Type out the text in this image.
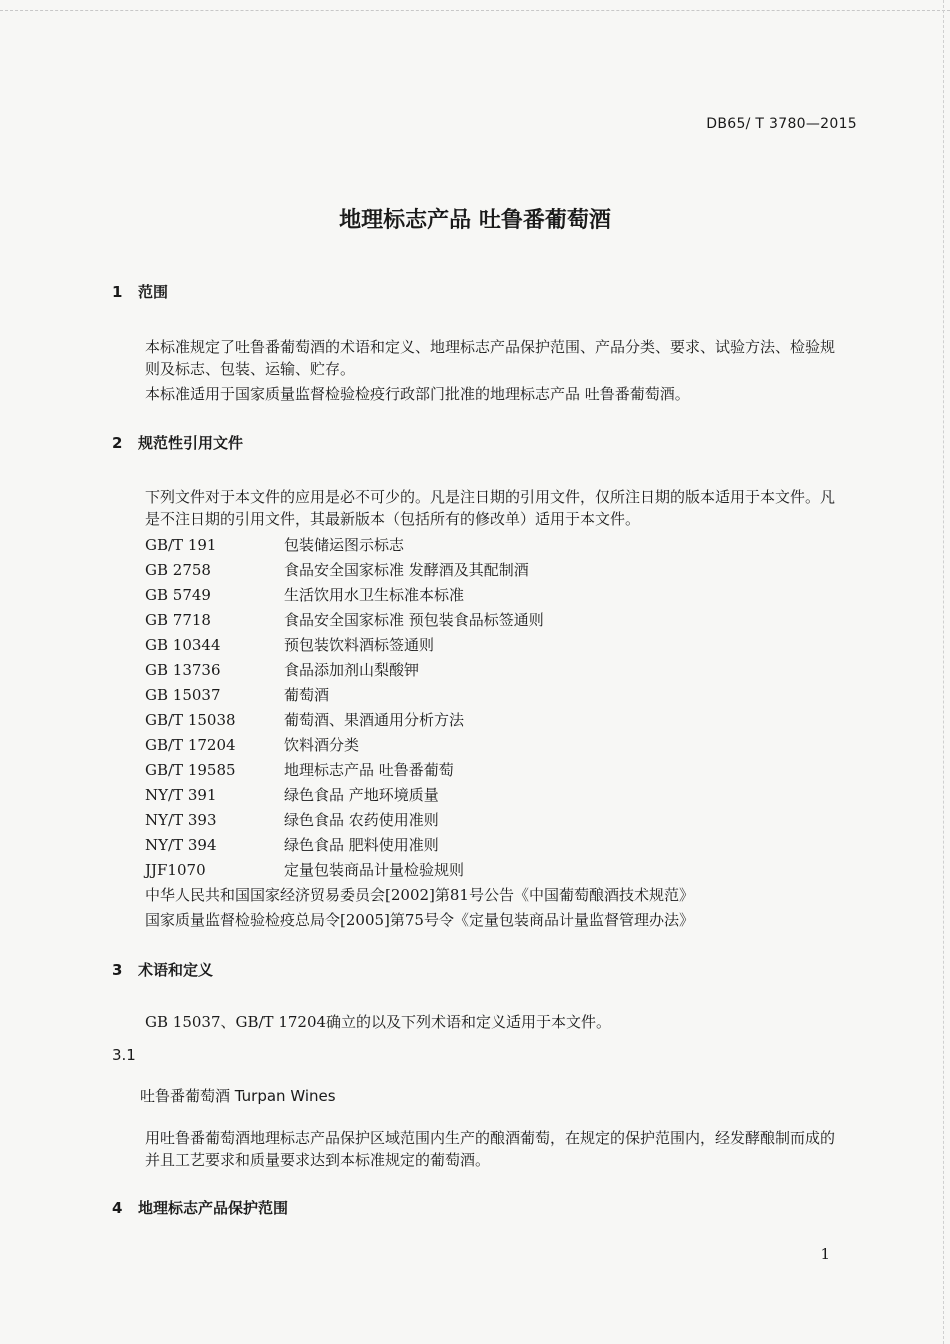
DB65/ T 3780—2015
地理标志产品 吐鲁番葡萄酒
1 范围
本标准规定了吐鲁番葡萄酒的术语和定义、地理标志产品保护范围、产品分类、要求、试验方法、检验规则及标志、包装、运输、贮存。
本标准适用于国家质量监督检验检疫行政部门批准的地理标志产品 吐鲁番葡萄酒。
2 规范性引用文件
下列文件对于本文件的应用是必不可少的。凡是注日期的引用文件，仅所注日期的版本适用于本文件。凡是不注日期的引用文件，其最新版本（包括所有的修改单）适用于本文件。
GB/T 191	包装储运图示标志
GB 2758	食品安全国家标准 发酵酒及其配制酒
GB 5749	生活饮用水卫生标准本标准
GB 7718	食品安全国家标准 预包装食品标签通则
GB 10344	预包装饮料酒标签通则
GB 13736	食品添加剂山梨酸钾
GB 15037	葡萄酒
GB/T 15038	葡萄酒、果酒通用分析方法
GB/T 17204	饮料酒分类
GB/T 19585	地理标志产品 吐鲁番葡萄
NY/T 391	绿色食品 产地环境质量
NY/T 393	绿色食品 农药使用准则
NY/T 394	绿色食品 肥料使用准则
JJF1070	定量包装商品计量检验规则
中华人民共和国国家经济贸易委员会[2002]第81号公告《中国葡萄酿酒技术规范》
国家质量监督检验检疫总局令[2005]第75号令《定量包装商品计量监督管理办法》
3 术语和定义
GB 15037、GB/T 17204确立的以及下列术语和定义适用于本文件。
3.1
吐鲁番葡萄酒 Turpan Wines
用吐鲁番葡萄酒地理标志产品保护区域范围内生产的酿酒葡萄，在规定的保护范围内，经发酵酿制而成的并且工艺要求和质量要求达到本标准规定的葡萄酒。
4 地理标志产品保护范围
1
